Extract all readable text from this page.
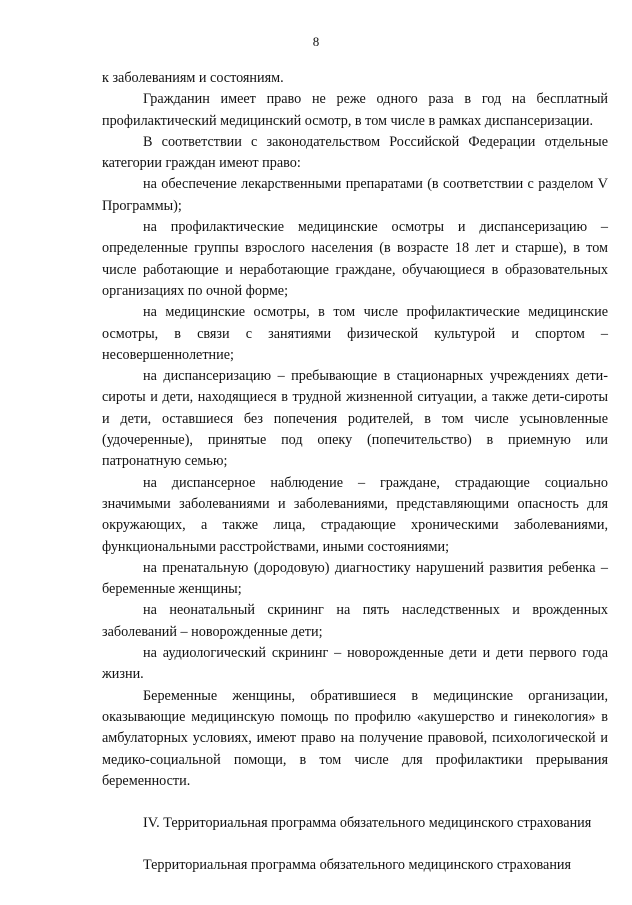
8

к заболеваниям и состояниям.

Гражданин имеет право не реже одного раза в год на бесплатный профилактический медицинский осмотр, в том числе в рамках диспансеризации.

В соответствии с законодательством Российской Федерации отдельные категории граждан имеют право:

на обеспечение лекарственными препаратами (в соответствии с разделом V Программы);

на профилактические медицинские осмотры и диспансеризацию – определенные группы взрослого населения (в возрасте 18 лет и старше), в том числе работающие и неработающие граждане, обучающиеся в образовательных организациях по очной форме;

на медицинские осмотры, в том числе профилактические медицинские осмотры, в связи с занятиями физической культурой и спортом – несовершеннолетние;

на диспансеризацию – пребывающие в стационарных учреждениях дети-сироты и дети, находящиеся в трудной жизненной ситуации, а также дети-сироты и дети, оставшиеся без попечения родителей, в том числе усыновленные (удочеренные), принятые под опеку (попечительство) в приемную или патронатную семью;

на диспансерное наблюдение – граждане, страдающие социально значимыми заболеваниями и заболеваниями, представляющими опасность для окружающих, а также лица, страдающие хроническими заболеваниями, функциональными расстройствами, иными состояниями;

на пренатальную (дородовую) диагностику нарушений развития ребенка – беременные женщины;

на неонатальный скрининг на пять наследственных и врожденных заболеваний – новорожденные дети;

на аудиологический скрининг – новорожденные дети и дети первого года жизни.

Беременные женщины, обратившиеся в медицинские организации, оказывающие медицинскую помощь по профилю «акушерство и гинекология» в амбулаторных условиях, имеют право на получение правовой, психологической и медико-социальной помощи, в том числе для профилактики прерывания беременности.

IV. Территориальная программа обязательного медицинского страхования

Территориальная программа обязательного медицинского страхования
